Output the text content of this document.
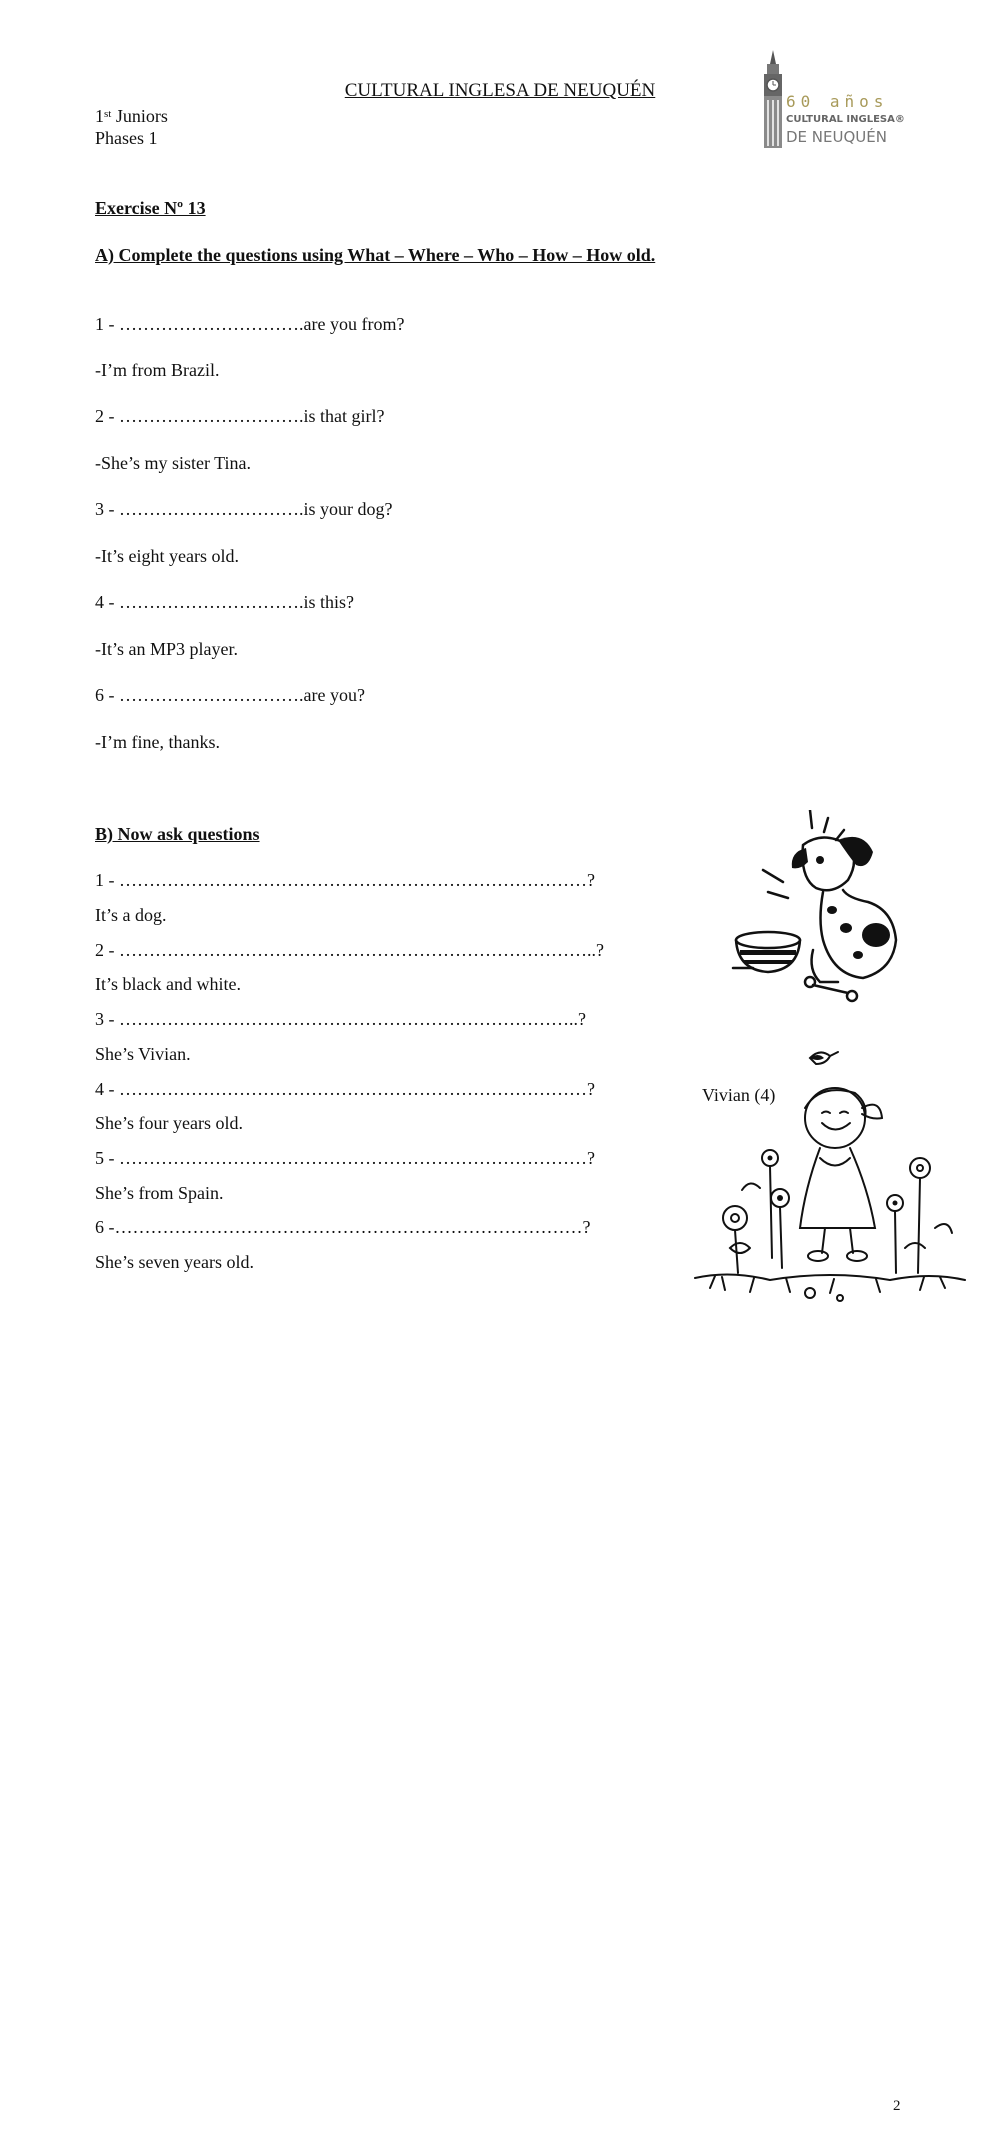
CULTURAL INGLESA DE NEUQUÉN
1st Juniors
Phases 1
60 años
CULTURAL INGLESA®
DE NEUQUÉN
Exercise Nº 13
A) Complete the questions using What – Where – Who – How – How old.
1 - ………………………….are you from?
-I’m from Brazil.
2 - ………………………….is that girl?
-She’s my sister Tina.
3 - ………………………….is your dog?
-It’s eight years old.
4 - ………………………….is this?
-It’s an MP3 player.
6 - ………………………….are you?
-I’m fine, thanks.
B) Now ask questions
1 - ……………………………………………………………………?
It’s a dog.
2 - ……………………………………………………………………..?
It’s black and white.
3 - …………………………………………………………………..?
She’s Vivian.
4 - ……………………………………………………………………?
She’s four years old.
5 - ……………………………………………………………………?
She’s from Spain.
6 -……………………………………………………………………?
She’s seven years old.
Vivian (4)
2
